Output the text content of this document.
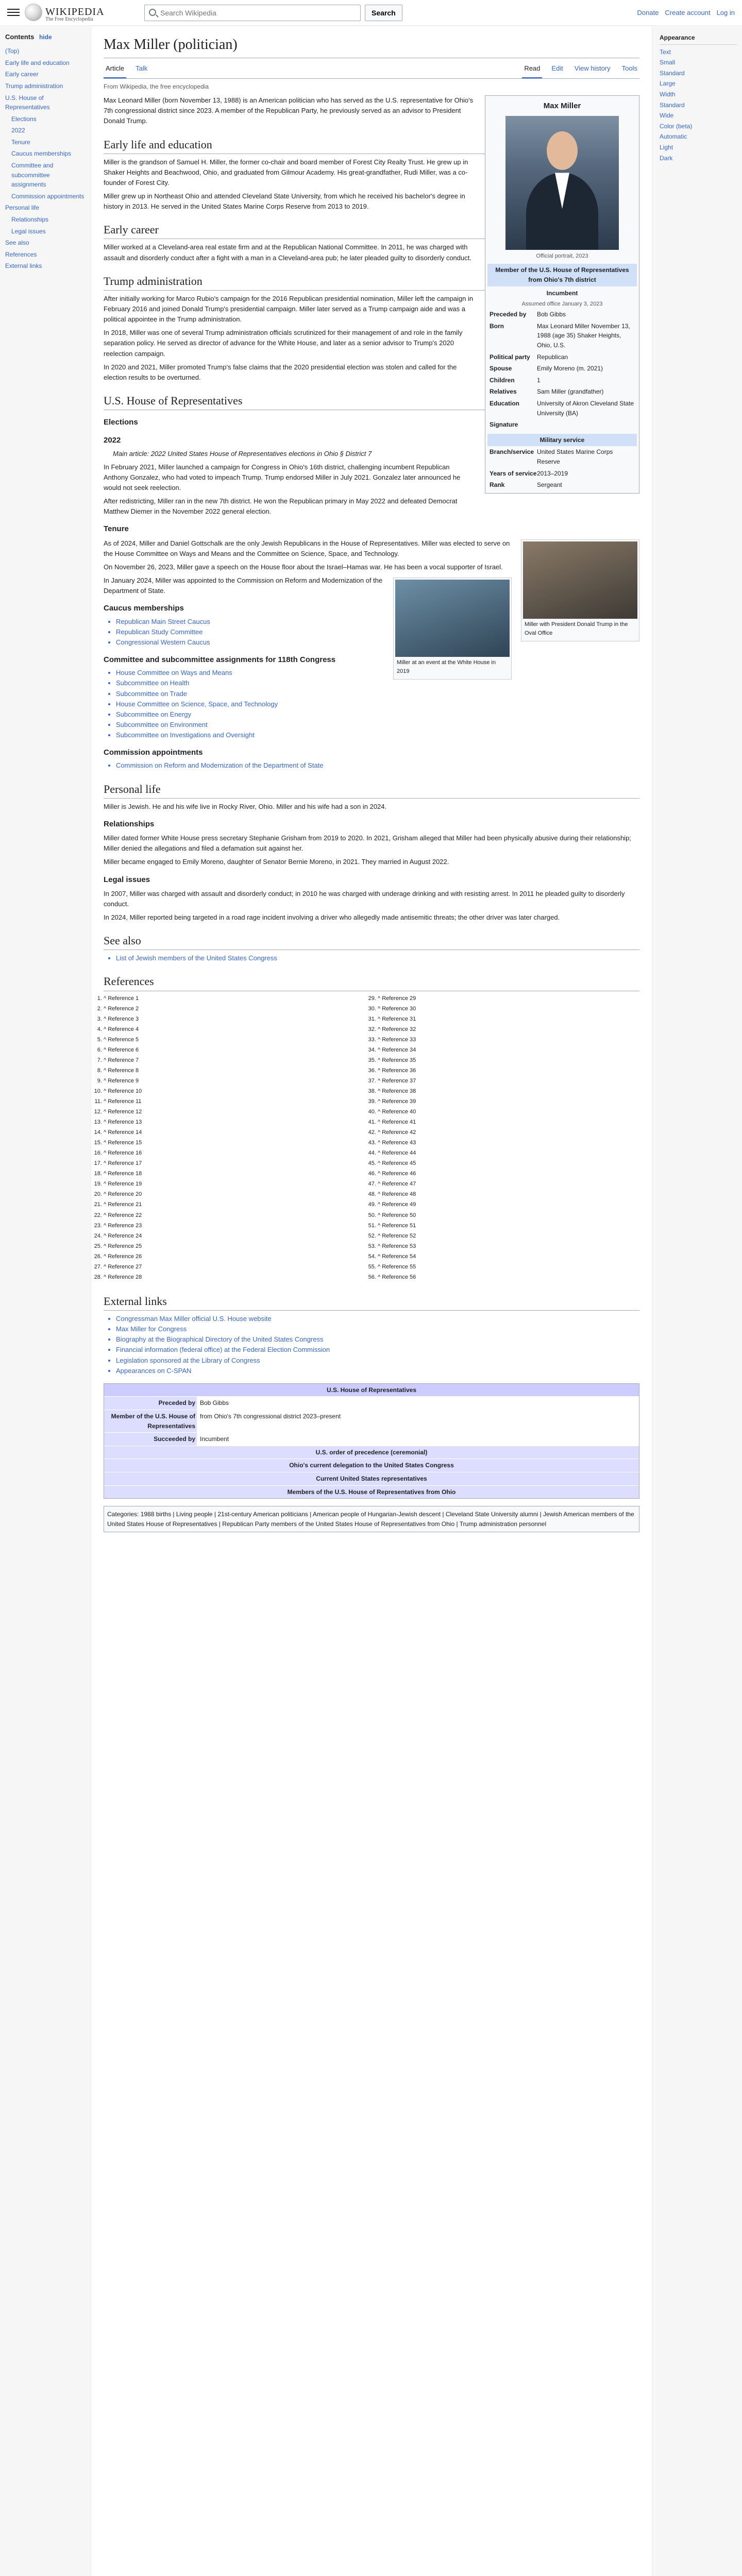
WIKIPEDIA
The Free Encyclopedia
Search Wikipedia
Search	Donate Create account Log in
Contents hide
(Top)
Early life and education
Early career
Trump administration
U.S. House of Representatives
Elections
2022
Tenure
Caucus memberships
Committee and subcommittee assignments
Commission appointments
Personal life
Relationships
Legal issues
See also
References
External links
Max Miller (politician)
Article	Talk	Read	Edit	View history	Tools
From Wikipedia, the free encyclopedia
Max Miller
Official portrait, 2023
Member of the U.S. House of Representatives from Ohio's 7th district
Incumbent
Assumed office January 3, 2023
Preceded by	Bob Gibbs
Born	Max Leonard Miller November 13, 1988 (age 35) Shaker Heights, Ohio, U.S.
Political party	Republican
Spouse	Emily Moreno (m. 2021)
Children	1
Relatives	Sam Miller (grandfather)
Education	University of Akron Cleveland State University (BA)
Signature
Military service
Branch/service United States Marine Corps Reserve
Years of service 2013–2019
Rank	Sergeant

Max Leonard Miller (born November 13, 1988) is an American politician who has served as the U.S. representative for Ohio's 7th congressional district since 2023. A member of the Republican Party, he previously served as an advisor to President Donald Trump.

Early life and education

Miller is the grandson of Samuel H. Miller, the former co-chair and board member of Forest City Realty Trust. He grew up in Shaker Heights and Beachwood, Ohio, and graduated from Gilmour Academy. His great-grandfather, Rudi Miller, was a co-founder of Forest City.

Miller grew up in Northeast Ohio and attended Cleveland State University, from which he received his bachelor's degree in history in 2013. He served in the United States Marine Corps Reserve from 2013 to 2019.

Early career

Miller worked at a Cleveland-area real estate firm and at the Republican National Committee. In 2011, he was charged with assault and disorderly conduct after a fight with a man in a Cleveland-area pub; he later pleaded guilty to disorderly conduct.

Trump administration

After initially working for Marco Rubio's campaign for the 2016 Republican presidential nomination, Miller left the campaign in February 2016 and joined Donald Trump's presidential campaign. Miller later served as a Trump campaign aide and was a political appointee in the Trump administration.

In 2018, Miller was one of several Trump administration officials scrutinized for their management of and role in the family separation policy. He served as director of advance for the White House, and later as a senior advisor to Trump's 2020 reelection campaign.

In 2020 and 2021, Miller promoted Trump's false claims that the 2020 presidential election was stolen and called for the election results to be overturned.

U.S. House of Representatives
Elections
2022
Main article: 2022 United States House of Representatives elections in Ohio § District 7

In February 2021, Miller launched a campaign for Congress in Ohio's 16th district, challenging incumbent Republican Anthony Gonzalez, who had voted to impeach Trump. Trump endorsed Miller in July 2021. Gonzalez later announced he would not seek reelection.

After redistricting, Miller ran in the new 7th district. He won the Republican primary in May 2022 and defeated Democrat Matthew Diemer in the November 2022 general election.

Tenure
Miller with President Donald Trump in the Oval Office

As of 2024, Miller and Daniel Gottschalk are the only Jewish Republicans in the House of Representatives. Miller was elected to serve on the House Committee on Ways and Means and the Committee on Science, Space, and Technology.

On November 26, 2023, Miller gave a speech on the House floor about the Israel–Hamas war. He has been a vocal supporter of Israel.

Miller at an event at the White House in 2019

In January 2024, Miller was appointed to the Commission on Reform and Modernization of the Department of State.

Caucus memberships
• Republican Main Street Caucus
• Republican Study Committee
• Congressional Western Caucus
Committee and subcommittee assignments for 118th Congress
• House Committee on Ways and Means
• Subcommittee on Health
• Subcommittee on Trade
• House Committee on Science, Space, and Technology
• Subcommittee on Energy
• Subcommittee on Environment
• Subcommittee on Investigations and Oversight
Commission appointments
• Commission on Reform and Modernization of the Department of State
Personal life

Miller is Jewish. He and his wife live in Rocky River, Ohio. Miller and his wife had a son in 2024.

Relationships

Miller dated former White House press secretary Stephanie Grisham from 2019 to 2020. In 2021, Grisham alleged that Miller had been physically abusive during their relationship; Miller denied the allegations and filed a defamation suit against her.

Miller became engaged to Emily Moreno, daughter of Senator Bernie Moreno, in 2021. They married in August 2022.

Legal issues

In 2007, Miller was charged with assault and disorderly conduct; in 2010 he was charged with underage drinking and with resisting arrest. In 2011 he pleaded guilty to disorderly conduct.

In 2024, Miller reported being targeted in a road rage incident involving a driver who allegedly made antisemitic threats; the other driver was later charged.

See also
• List of Jewish members of the United States Congress
References
1. ^ Reference 1
2. ^ Reference 2
3. ^ Reference 3
4. ^ Reference 4
5. ^ Reference 5
6. ^ Reference 6
7. ^ Reference 7
8. ^ Reference 8
9. ^ Reference 9
10. ^ Reference 10
11. ^ Reference 11
12. ^ Reference 12
13. ^ Reference 13
14. ^ Reference 14
15. ^ Reference 15
16. ^ Reference 16
17. ^ Reference 17
18. ^ Reference 18
19. ^ Reference 19
20. ^ Reference 20
21. ^ Reference 21
22. ^ Reference 22
23. ^ Reference 23
24. ^ Reference 24
25. ^ Reference 25
26. ^ Reference 26
27. ^ Reference 27
28. ^ Reference 28
29. ^ Reference 29
30. ^ Reference 30
31. ^ Reference 31
32. ^ Reference 32
33. ^ Reference 33
34. ^ Reference 34
35. ^ Reference 35
36. ^ Reference 36
37. ^ Reference 37
38. ^ Reference 38
39. ^ Reference 39
40. ^ Reference 40
41. ^ Reference 41
42. ^ Reference 42
43. ^ Reference 43
44. ^ Reference 44
45. ^ Reference 45
46. ^ Reference 46
47. ^ Reference 47
48. ^ Reference 48
49. ^ Reference 49
50. ^ Reference 50
51. ^ Reference 51
52. ^ Reference 52
53. ^ Reference 53
54. ^ Reference 54
55. ^ Reference 55
56. ^ Reference 56
External links
• Congressman Max Miller official U.S. House website
• Max Miller for Congress
• Biography at the Biographical Directory of the United States Congress
• Financial information (federal office) at the Federal Election Commission
• Legislation sponsored at the Library of Congress
• Appearances on C-SPAN
U.S. House of Representatives
Preceded by Bob Gibbs
Member of the U.S. House of Representatives
from Ohio's 7th congressional district 2023–present
Succeeded by Incumbent
U.S. order of precedence (ceremonial)
Ohio's current delegation to the United States Congress
Current United States representatives
Members of the U.S. House of Representatives from Ohio
Categories: 1988 births | Living people | 21st-century American politicians | American people of Hungarian-Jewish descent | Cleveland State University alumni | Jewish American members of the United States House of Representatives | Republican Party members of the United States House of Representatives from Ohio | Trump administration personnel
Appearance
Text
Small
Standard
Large
Width
Standard
Wide
Color (beta)
Automatic
Light
Dark
